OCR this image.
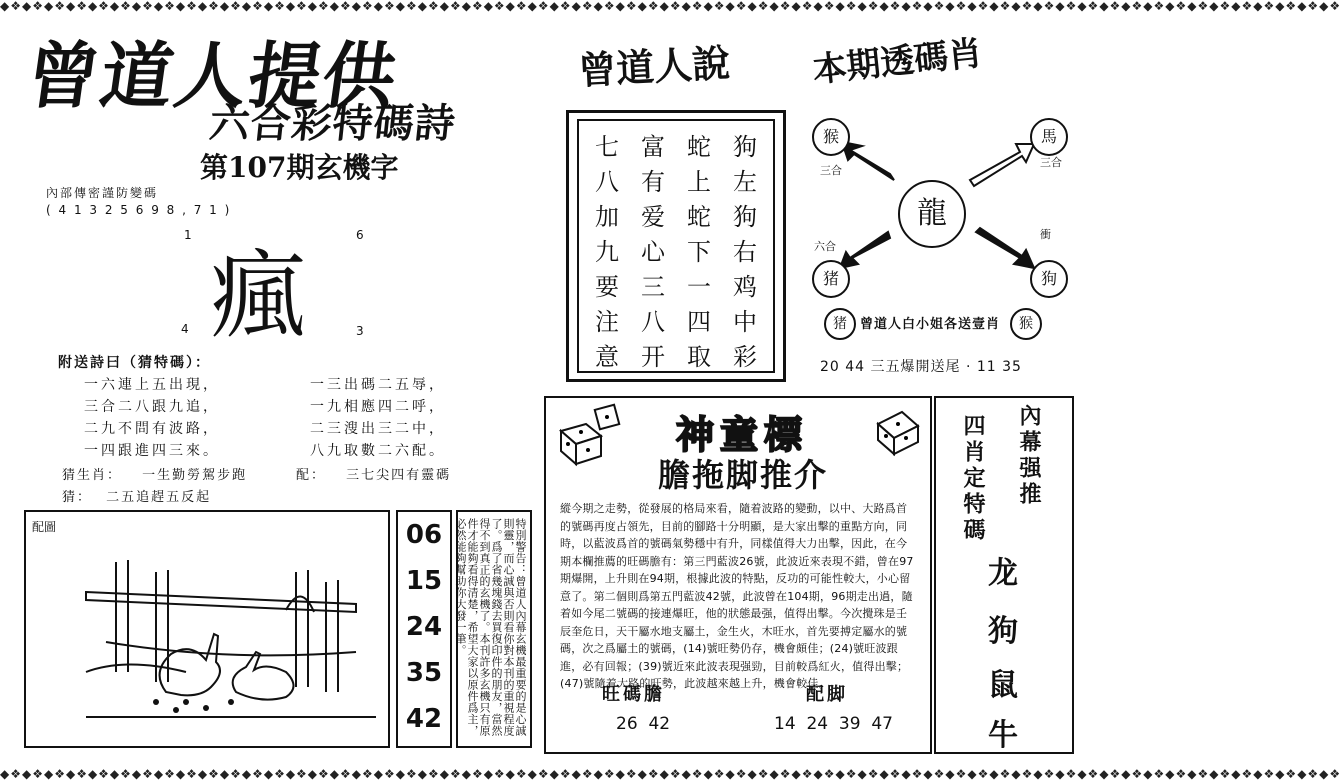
◆❖◆❖◆❖◆❖◆❖◆❖◆❖◆❖◆❖◆❖◆❖◆❖◆❖◆❖◆❖◆❖◆❖◆❖◆❖◆❖◆❖◆❖◆❖◆❖◆❖◆❖◆❖◆❖◆❖◆❖◆❖◆❖◆❖◆❖◆❖◆❖◆❖◆❖◆❖◆❖◆❖◆❖◆❖◆❖◆❖◆❖◆❖◆❖◆❖◆❖◆❖◆❖◆❖◆❖◆❖◆❖◆❖◆❖◆❖◆❖◆❖
◆❖◆❖◆❖◆❖◆❖◆❖◆❖◆❖◆❖◆❖◆❖◆❖◆❖◆❖◆❖◆❖◆❖◆❖◆❖◆❖◆❖◆❖◆❖◆❖◆❖◆❖◆❖◆❖◆❖◆❖◆❖◆❖◆❖◆❖◆❖◆❖◆❖◆❖◆❖◆❖◆❖◆❖◆❖◆❖◆❖◆❖◆❖◆❖◆❖◆❖◆❖◆❖◆❖◆❖◆❖◆❖◆❖◆❖◆❖◆❖◆❖
曾道人提供
六合彩特碼詩
第107期玄機字
內部傳密謹防變碼
( 4 1 3 2 5 6 9 8 , 7 1 )
1	6
瘋
4	3
附送詩曰（猜特碼）：
一六連上五出現，
三合二八跟九追，
二九不問有波路，
一四跟進四三來。
一三出碼二五辱，
一九相應四二呼，
二三溲出三二中，
八九取數二六配。
猜生肖： 一生勤勞駕步跑	配： 三七尖四有靈碼
猜： 二五追趕五反起
配圖	06
15
24
35
42	特別警告：曾道人內幕玄機最重要的是心誠則靈，而心誠與否則看你對本刊的重視程度了。爲了省幾塊錢去買復印件的朋友，當然得不到真正的玄機了。本刊許多玄機只有原件才能夠看得清楚，希望大家以原件爲主，必然能夠幫助你大發一筆。
曾道人說
七 富 蛇 狗
八 有 上 左
加 爱 蛇 狗
九 心 下 右
要 三 一 鸡
注 八 四 中
意 开 取 彩
本期透碼肖
龍
猴	馬
猪	狗
三合
三合
六合
衝
猪	曾道人白小姐各送壹肖	猴
20 44 三五爆開送尾 · 11 35
神童標
膽拖脚推介
縱今期之走勢，從發展的格局來看，隨着波路的變動，以中、大路爲首的號碼再度占領先，目前的腳路十分明顯，是大家出擊的重點方向，同時，以藍波爲首的號碼氣勢穩中有升，同樣值得大力出擊，因此，在今期本欄推薦的旺碼膽有：第三門藍波26號，此波近來表現不錯，曾在97期爆開，上升則在94期，根據此波的特點，反功的可能性較大，小心留意了。第二個則爲第五門藍波42號，此波曾在104期，96期走出過，隨着如今尾二號碼的接連爆旺，他的狀態最强，值得出擊。今次攪珠是壬辰奎危日，天干屬水地支屬土，金生火，木旺水，首先要搏定屬水的號碼，次之爲屬土的號碼，(14)號旺勢仍存，機會頗佳；(24)號旺波跟進，必有回報；(39)號近來此波表現强勁，目前較爲紅火，值得出擊；(47)號隨着大路的旺勢，此波越來越上升，機會較佳。
旺碼膽	配脚
26  42	14  24  39  47
四肖定特碼 內幕强推
龙
狗
鼠
牛
